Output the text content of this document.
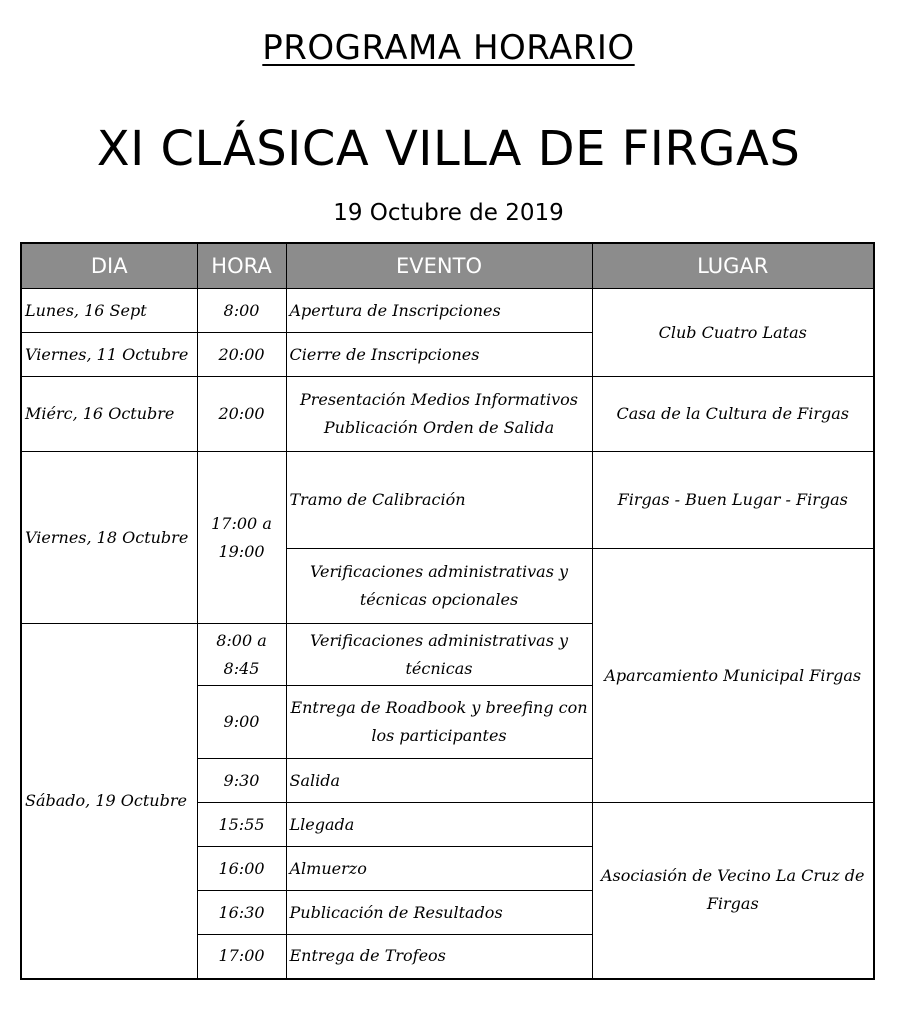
PROGRAMA HORARIO
XI CLÁSICA VILLA DE FIRGAS
19 Octubre de 2019
DIA	HORA	EVENTO	LUGAR
Lunes, 16 Sept	8:00	Apertura de Inscripciones	Club Cuatro Latas
Viernes, 11 Octubre	20:00	Cierre de Inscripciones	
Miérc, 16 Octubre	20:00	Presentación Medios Informativos Publicación Orden de Salida	Casa de la Cultura de Firgas
Viernes, 18 Octubre	17:00 a 19:00	Tramo de Calibración	Firgas - Buen Lugar - Firgas
		Verificaciones administrativas y técnicas opcionales	Aparcamiento Municipal Firgas
Sábado, 19 Octubre	8:00 a 8:45	Verificaciones administrativas y técnicas	
	9:00	Entrega de Roadbook y breefing con los participantes	
	9:30	Salida	
	15:55	Llegada	Asociasión de Vecino La Cruz de Firgas
	16:00	Almuerzo	
	16:30	Publicación de Resultados	
	17:00	Entrega de Trofeos	
